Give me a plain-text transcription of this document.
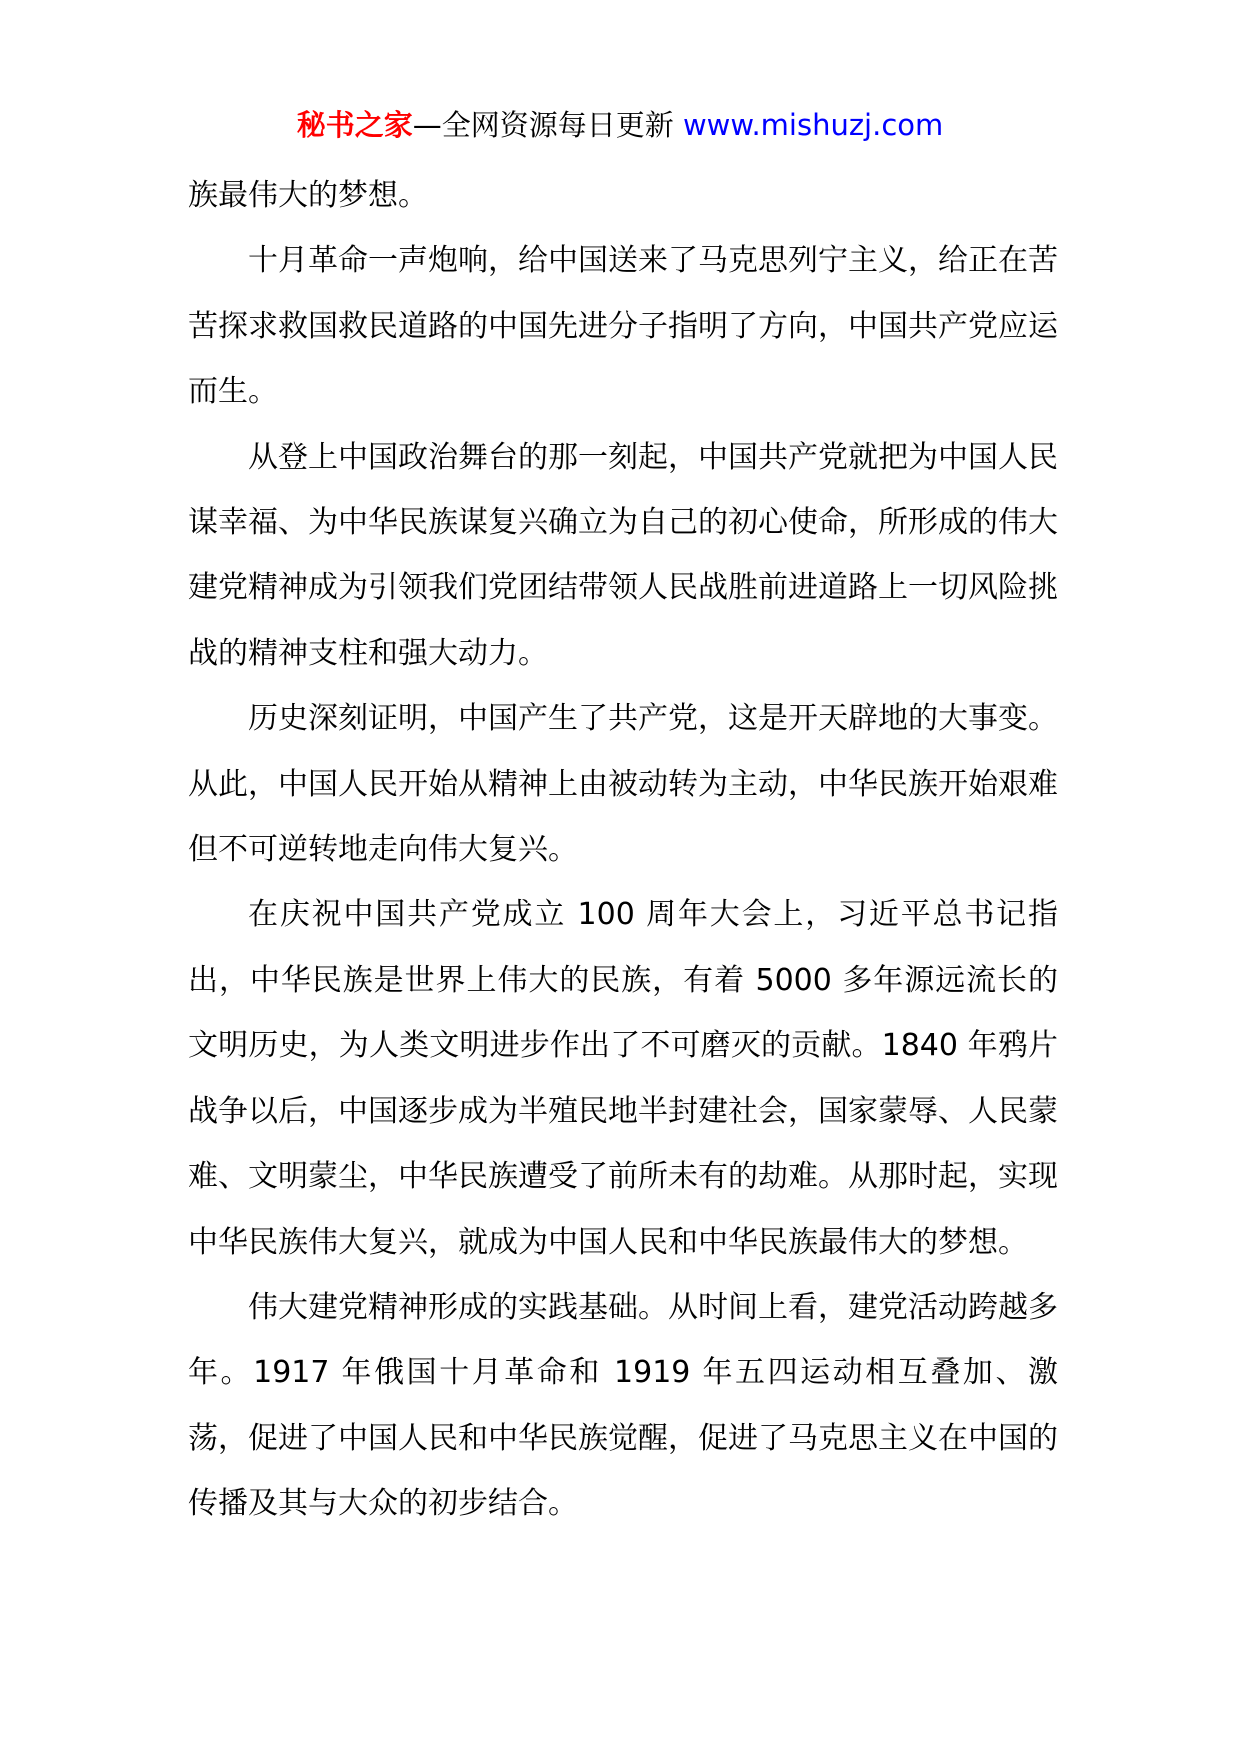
秘书之家—全网资源每日更新 www.mishuzj.com

族最伟大的梦想。

十月革命一声炮响，给中国送来了马克思列宁主义，给正在苦苦探求救国救民道路的中国先进分子指明了方向，中国共产党应运而生。

从登上中国政治舞台的那一刻起，中国共产党就把为中国人民谋幸福、为中华民族谋复兴确立为自己的初心使命，所形成的伟大建党精神成为引领我们党团结带领人民战胜前进道路上一切风险挑战的精神支柱和强大动力。

历史深刻证明，中国产生了共产党，这是开天辟地的大事变。从此，中国人民开始从精神上由被动转为主动，中华民族开始艰难但不可逆转地走向伟大复兴。

在庆祝中国共产党成立 100 周年大会上，习近平总书记指出，中华民族是世界上伟大的民族，有着 5000 多年源远流长的文明历史，为人类文明进步作出了不可磨灭的贡献。1840 年鸦片战争以后，中国逐步成为半殖民地半封建社会，国家蒙辱、人民蒙难、文明蒙尘，中华民族遭受了前所未有的劫难。从那时起，实现中华民族伟大复兴，就成为中国人民和中华民族最伟大的梦想。

伟大建党精神形成的实践基础。从时间上看，建党活动跨越多年。1917 年俄国十月革命和 1919 年五四运动相互叠加、激荡，促进了中国人民和中华民族觉醒，促进了马克思主义在中国的传播及其与大众的初步结合。
